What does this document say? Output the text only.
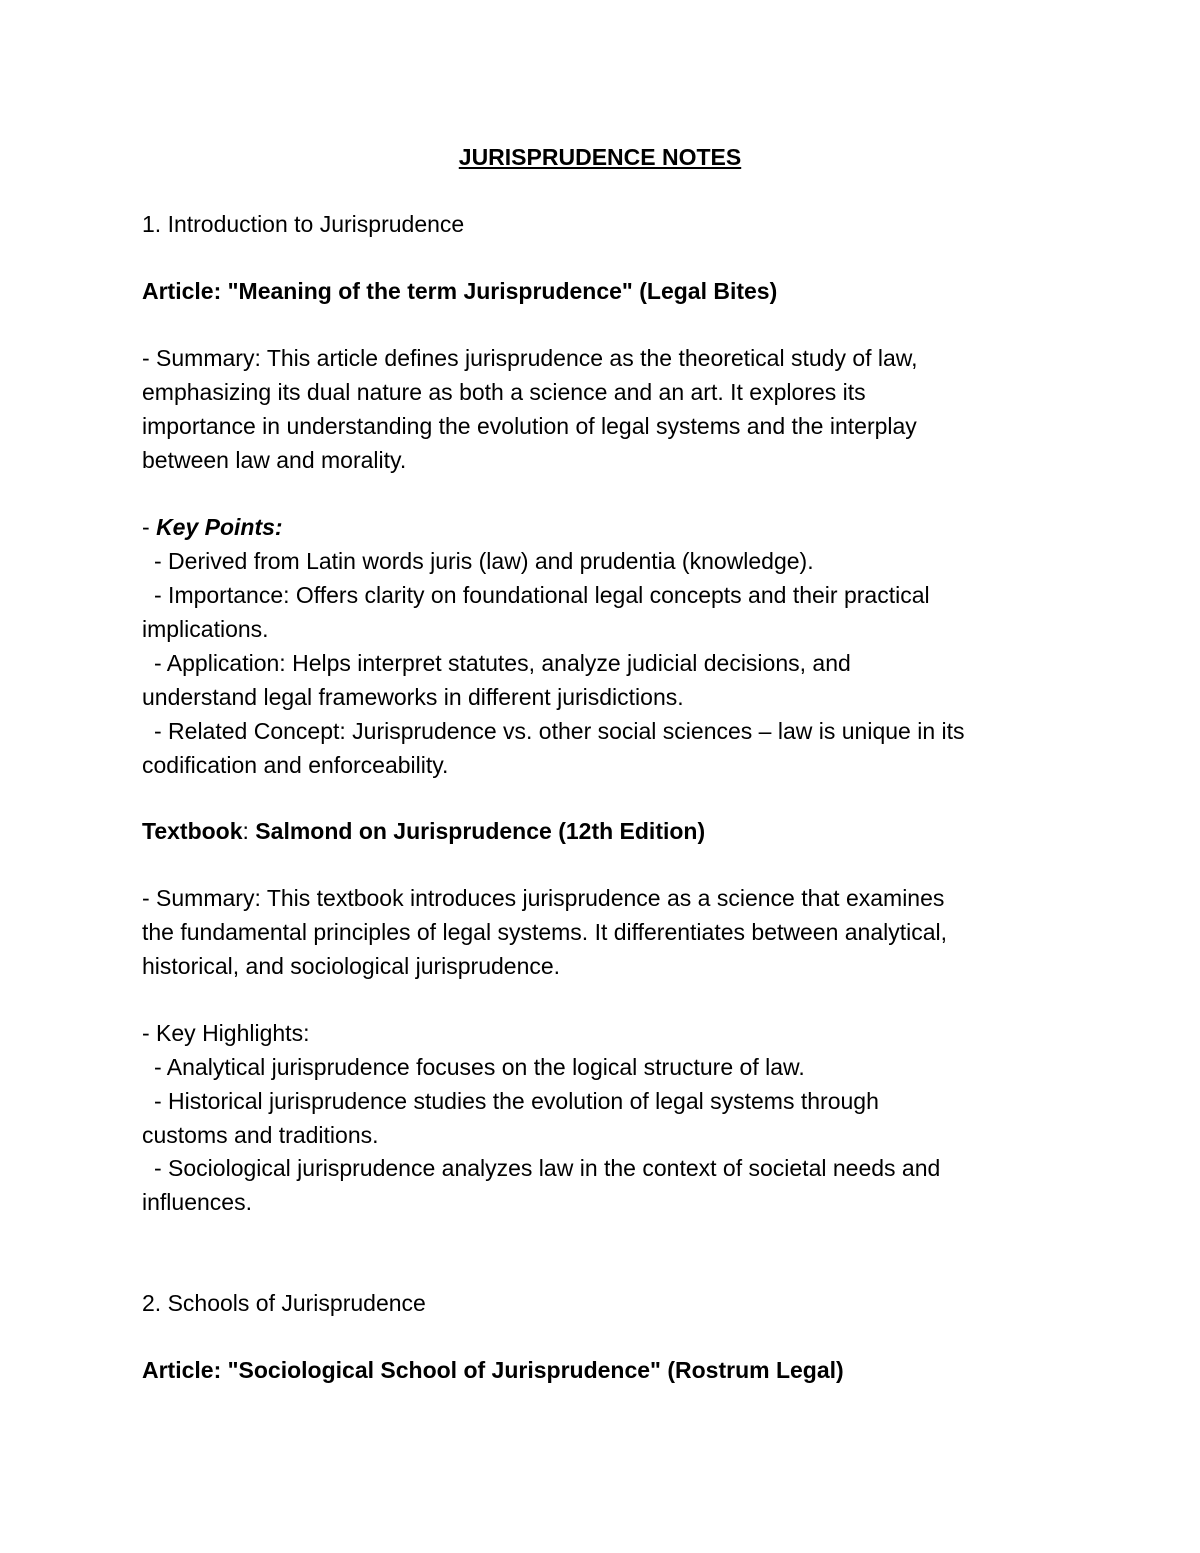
JURISPRUDENCE NOTES
1. Introduction to Jurisprudence
Article: "Meaning of the term Jurisprudence" (Legal Bites)
- Summary: This article defines jurisprudence as the theoretical study of law,
emphasizing its dual nature as both a science and an art. It explores its
importance in understanding the evolution of legal systems and the interplay
between law and morality.
- Key Points:
- Derived from Latin words juris (law) and prudentia (knowledge).
- Importance: Offers clarity on foundational legal concepts and their practical
implications.
- Application: Helps interpret statutes, analyze judicial decisions, and
understand legal frameworks in different jurisdictions.
- Related Concept: Jurisprudence vs. other social sciences – law is unique in its
codification and enforceability.
Textbook: Salmond on Jurisprudence (12th Edition)
- Summary: This textbook introduces jurisprudence as a science that examines
the fundamental principles of legal systems. It differentiates between analytical,
historical, and sociological jurisprudence.
- Key Highlights:
- Analytical jurisprudence focuses on the logical structure of law.
- Historical jurisprudence studies the evolution of legal systems through
customs and traditions.
- Sociological jurisprudence analyzes law in the context of societal needs and
influences.
2. Schools of Jurisprudence
Article: "Sociological School of Jurisprudence" (Rostrum Legal)
